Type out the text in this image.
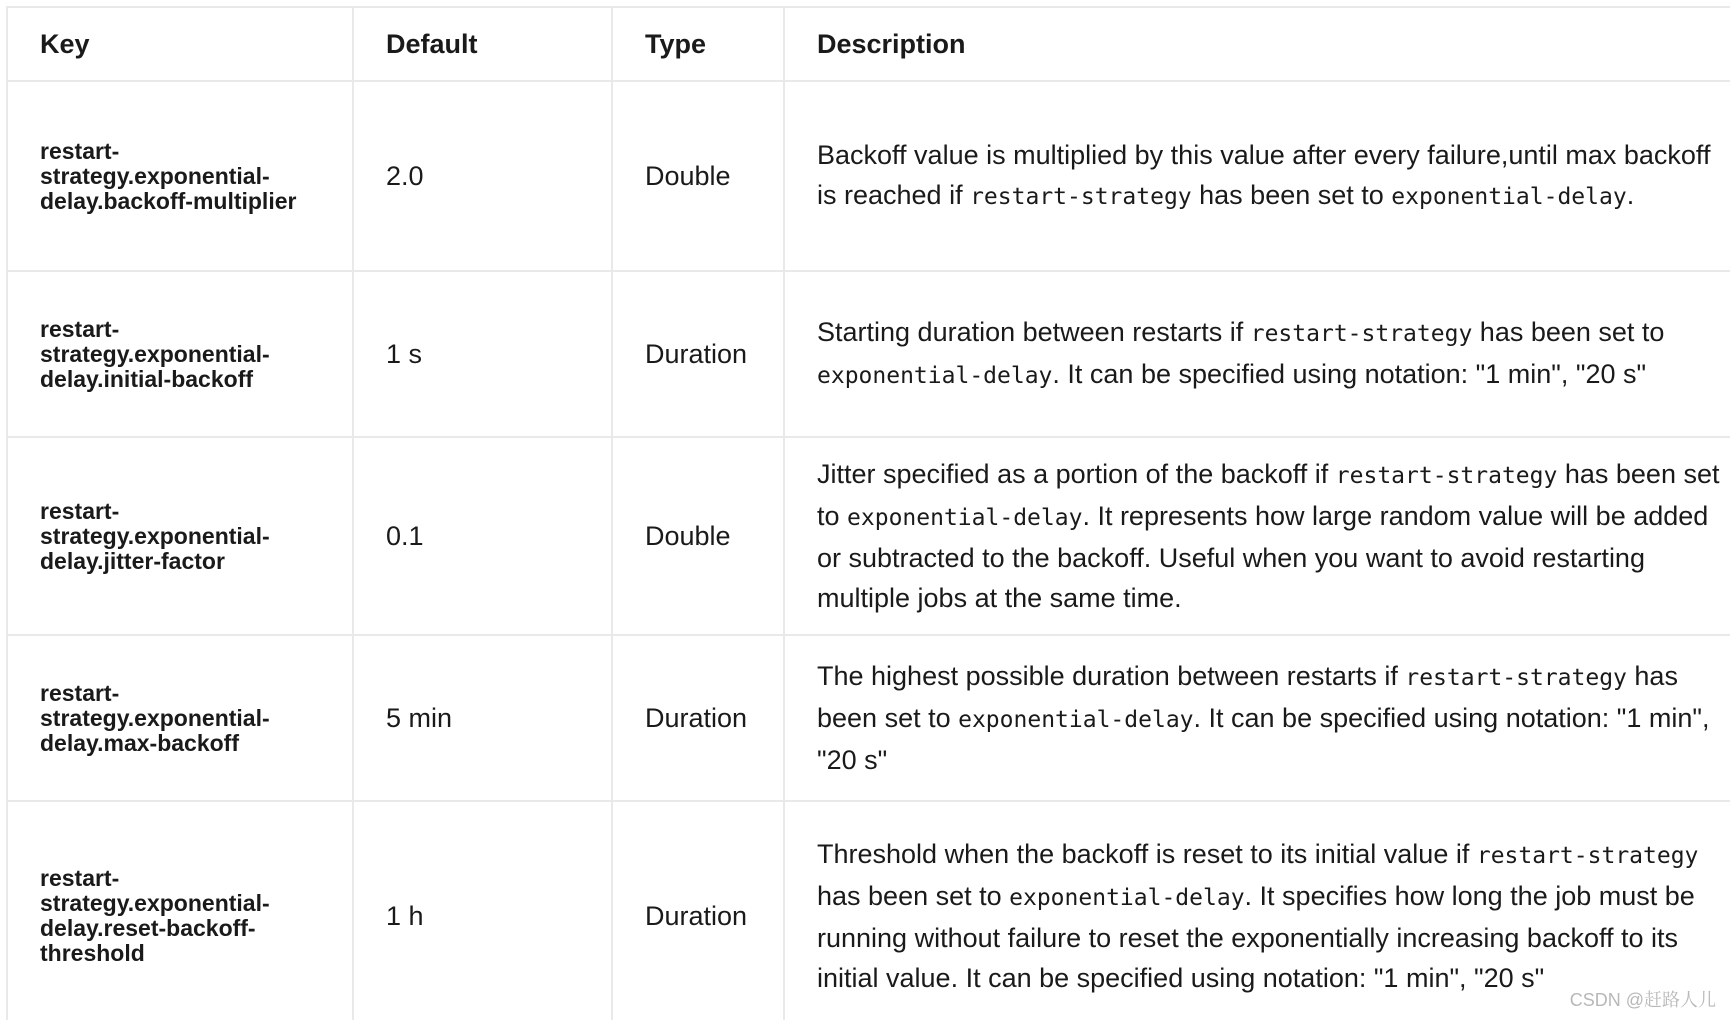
Key	Default	Type	Description
restart-strategy.exponential-delay.backoff-multiplier	2.0	Double	Backoff value is multiplied by this value after every failure,until max backoff is reached if restart-strategy has been set to exponential-delay.
restart-strategy.exponential-delay.initial-backoff	1 s	Duration	Starting duration between restarts if restart-strategy has been set to exponential-delay. It can be specified using notation: "1 min", "20 s"
restart-strategy.exponential-delay.jitter-factor	0.1	Double	Jitter specified as a portion of the backoff if restart-strategy has been set to exponential-delay. It represents how large random value will be added or subtracted to the backoff. Useful when you want to avoid restarting multiple jobs at the same time.
restart-strategy.exponential-delay.max-backoff	5 min	Duration	The highest possible duration between restarts if restart-strategy has been set to exponential-delay. It can be specified using notation: "1 min", "20 s"
restart-strategy.exponential-delay.reset-backoff-threshold	1 h	Duration	Threshold when the backoff is reset to its initial value if restart-strategy has been set to exponential-delay. It specifies how long the job must be running without failure to reset the exponentially increasing backoff to its initial value. It can be specified using notation: "1 min", "20 s"
CSDN @赶路人儿
